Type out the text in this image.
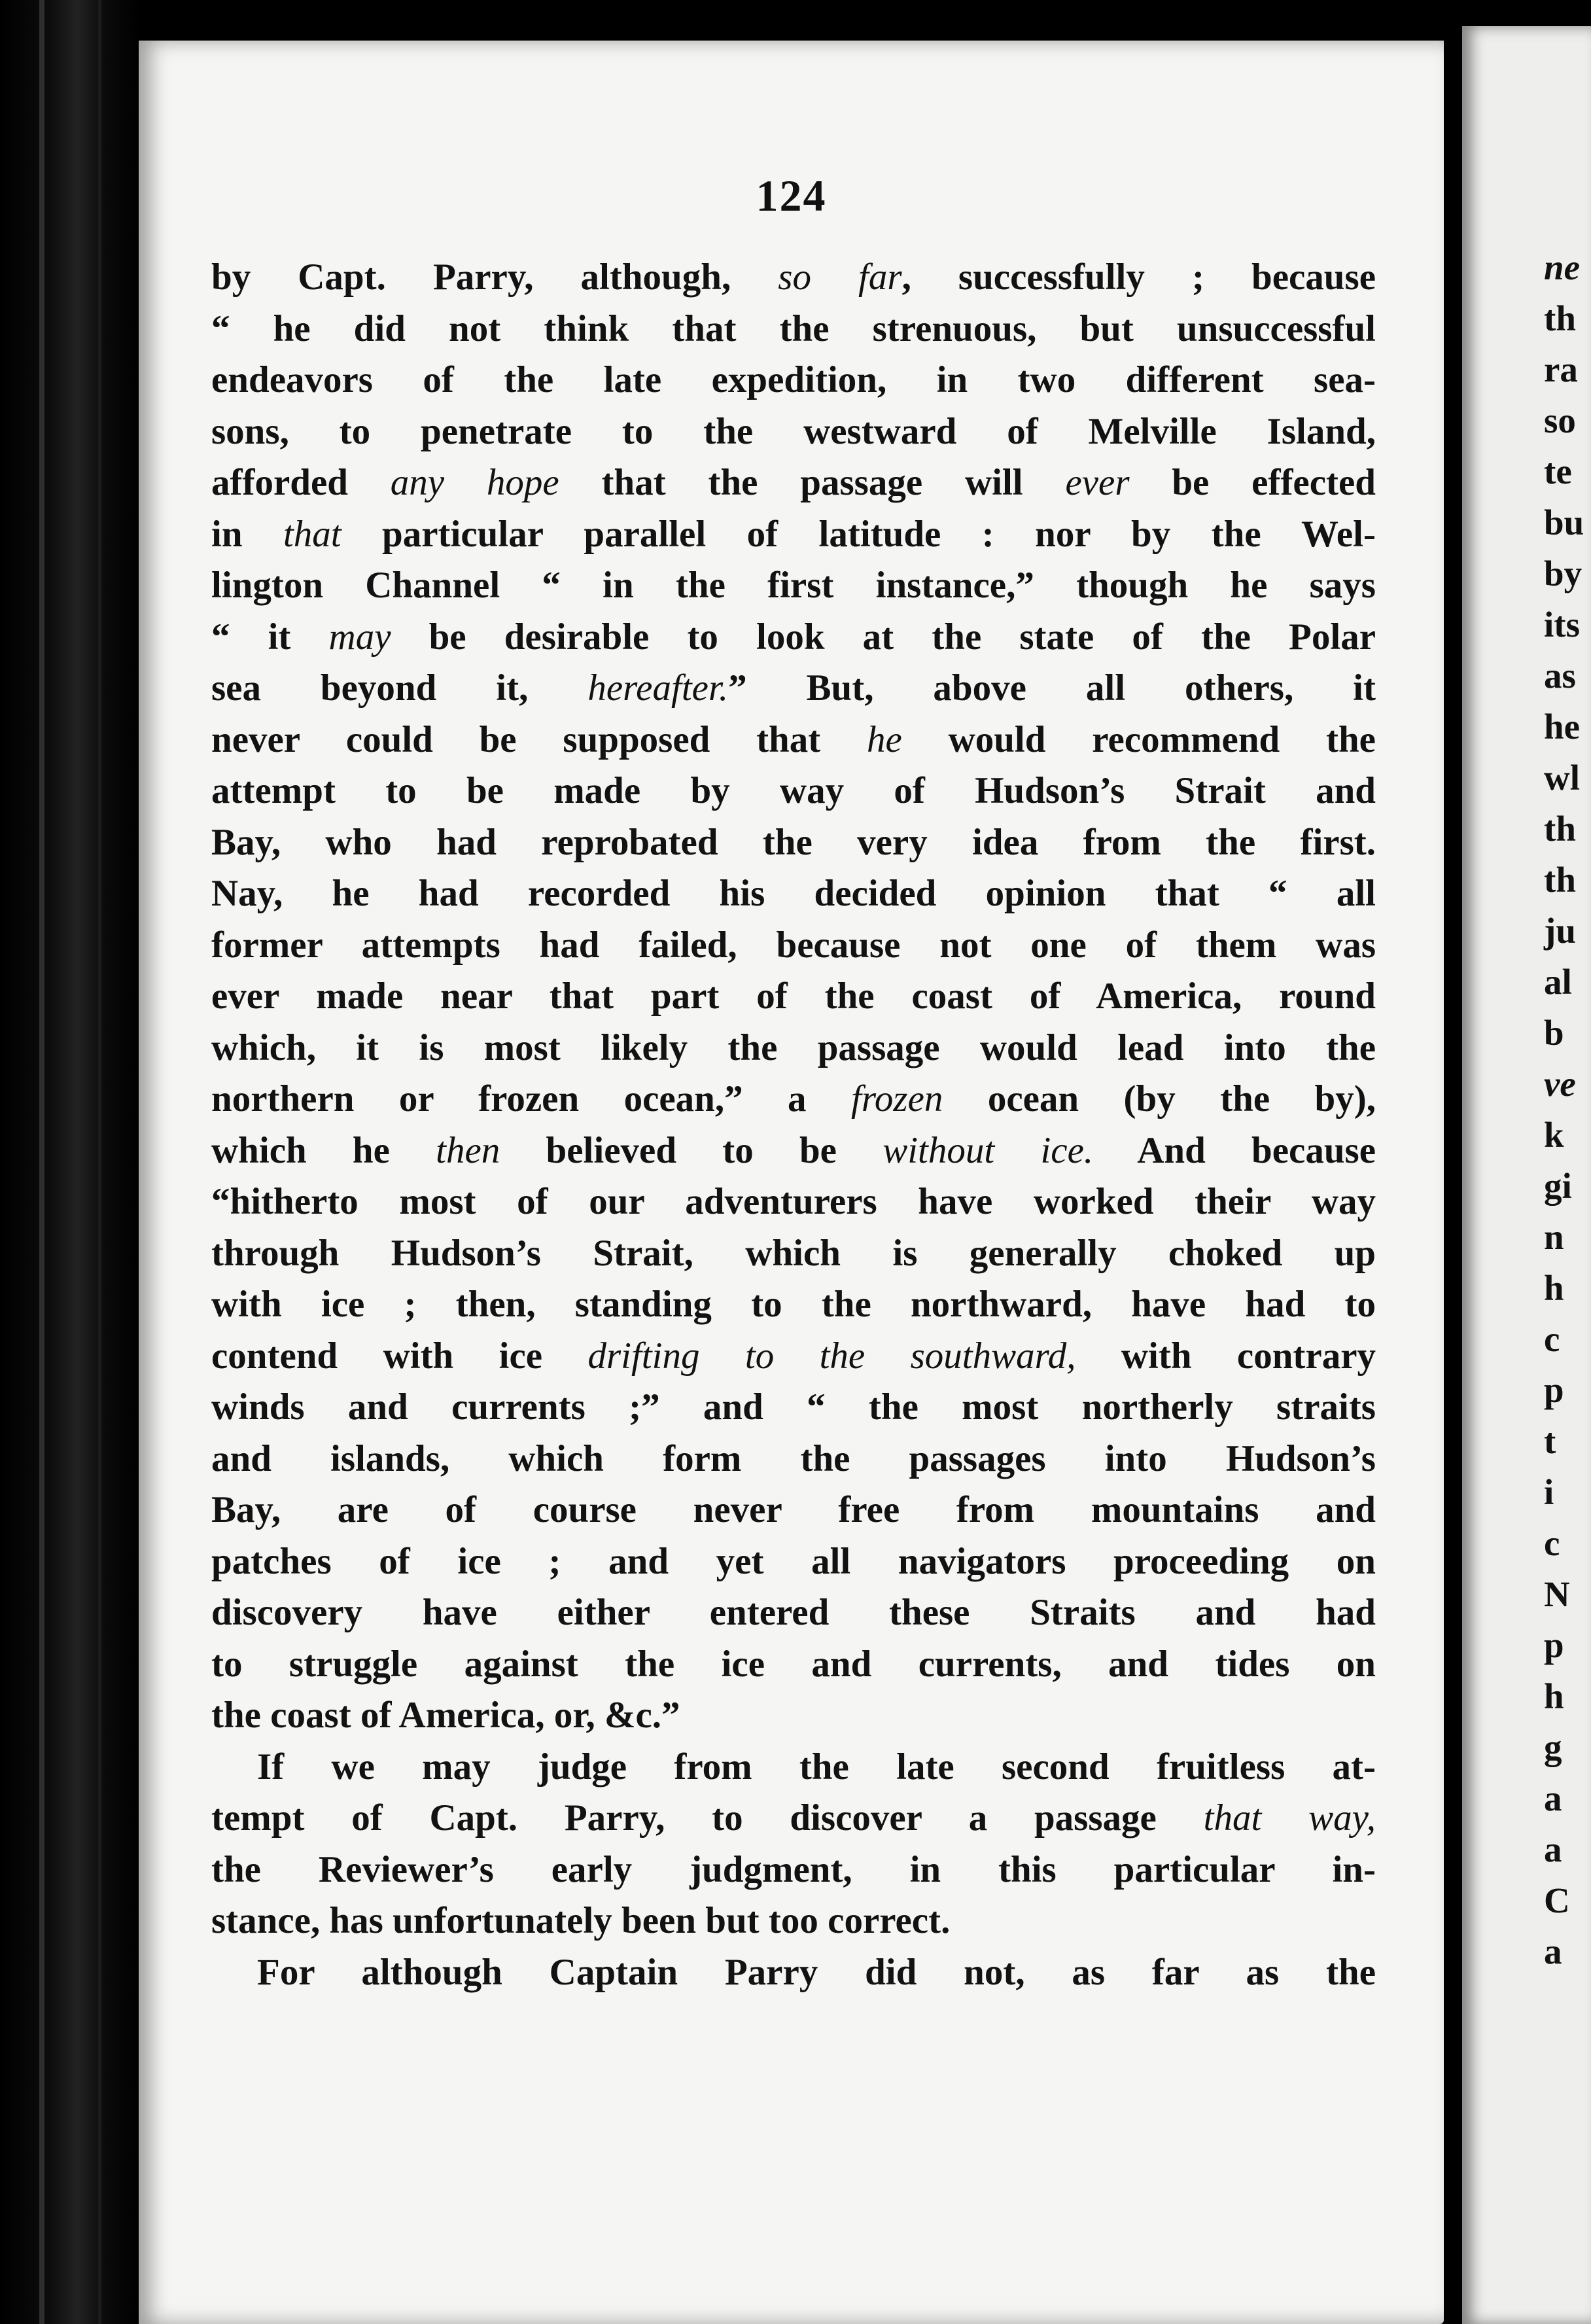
124
by Capt. Parry, although, so far, successfully ; because
“ he did not think that the strenuous, but unsuccessful
endeavors of the late expedition, in two different sea-
sons, to penetrate to the westward of Melville Island,
afforded any hope that the passage will ever be effected
in that particular parallel of latitude : nor by the Wel-
lington Channel “ in the first instance,” though he says
“ it may be desirable to look at the state of the Polar
sea beyond it, hereafter.” But, above all others, it
never could be supposed that he would recommend the
attempt to be made by way of Hudson’s Strait and
Bay, who had reprobated the very idea from the first.
Nay, he had recorded his decided opinion that “ all
former attempts had failed, because not one of them was
ever made near that part of the coast of America, round
which, it is most likely the passage would lead into the
northern or frozen ocean,” a frozen ocean (by the by),
which he then believed to be without ice. And because
“hitherto most of our adventurers have worked their way
through Hudson’s Strait, which is generally choked up
with ice ; then, standing to the northward, have had to
contend with ice drifting to the southward, with contrary
winds and currents ;” and “ the most northerly straits
and islands, which form the passages into Hudson’s
Bay, are of course never free from mountains and
patches of ice ; and yet all navigators proceeding on
discovery have either entered these Straits and had
to struggle against the ice and currents, and tides on
the coast of America, or, &c.”
If we may judge from the late second fruitless at-
tempt of Capt. Parry, to discover a passage that way,
the Reviewer’s early judgment, in this particular in-
stance, has unfortunately been but too correct.
For although Captain Parry did not, as far as the
ne
th
ra
so
te
bu
by
its
as
he
wl
th
th
ju
al
b
ve
k
gi
n
h
c
p
t
i
c
N
p
h
g
a
a
C
a
